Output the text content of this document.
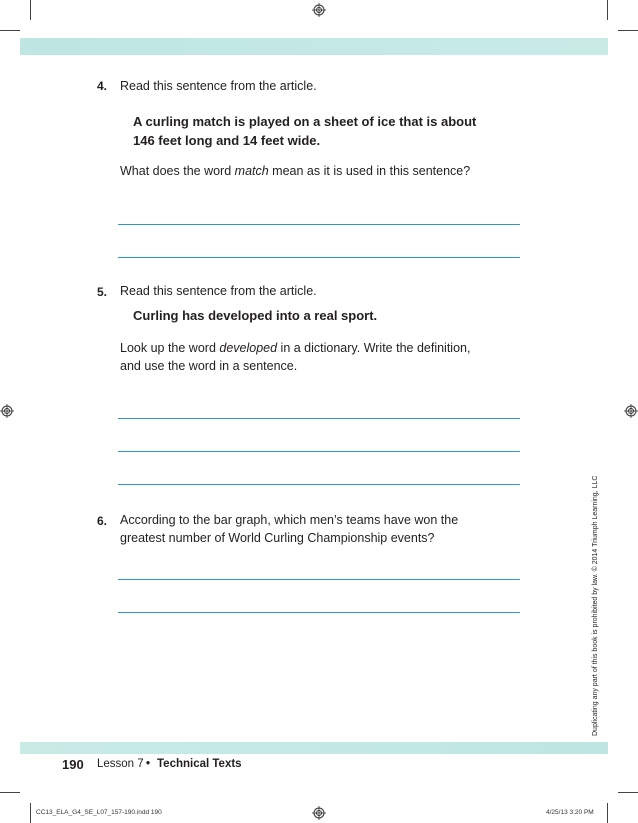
4. Read this sentence from the article.
A curling match is played on a sheet of ice that is about
146 feet long and 14 feet wide.
What does the word match mean as it is used in this sentence?
5. Read this sentence from the article.
Curling has developed into a real sport.
Look up the word developed in a dictionary. Write the definition,
and use the word in a sentence.
6. According to the bar graph, which men’s teams have won the
greatest number of World Curling Championship events?	Duplicating any part of this book is prohibited by law. © 2014 Triumph Learning, LLC
190 Lesson 7 • Technical Texts
CC13_ELA_G4_SE_L07_157-190.indd 190	4/25/13 3:20 PM
